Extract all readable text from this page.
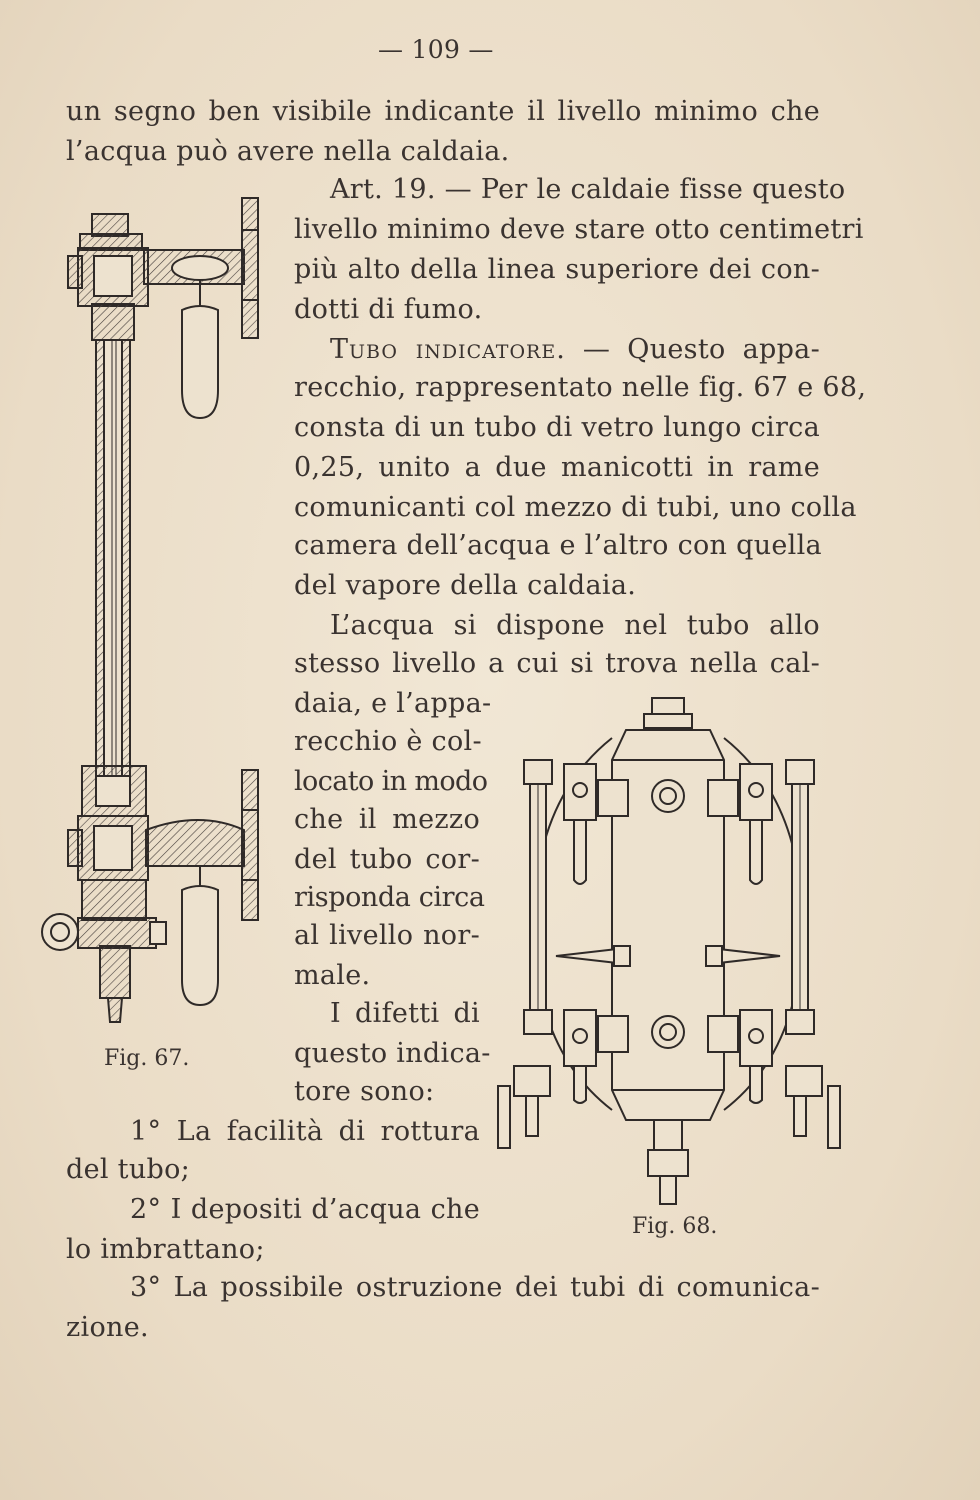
— 109 —
un segno ben visibile indicante il livello minimo che
l’acqua può avere nella caldaia.
Art. 19. — Per le caldaie fisse questo
livello minimo deve stare otto centimetri
più alto della linea superiore dei con-
dotti di fumo.
Tubo indicatore. — Questo appa-
recchio, rappresentato nelle fig. 67 e 68,
consta di un tubo di vetro lungo circa
0,25, unito a due manicotti in rame
comunicanti col mezzo di tubi, uno colla
camera dell’acqua e l’altro con quella
del vapore della caldaia.
L’acqua si dispone nel tubo allo
stesso livello a cui si trova nella cal-
daia, e l’appa-
recchio è col-
locato in modo
che il mezzo
del tubo cor-
risponda circa
al livello nor-
male.
I difetti di
questo indica-
tore sono:
1° La facilità di rottura
del tubo;
2° I depositi d’acqua che
lo imbrattano;
3° La possibile ostruzione dei tubi di comunica-
zione.
Fig. 67.
Fig. 68.
